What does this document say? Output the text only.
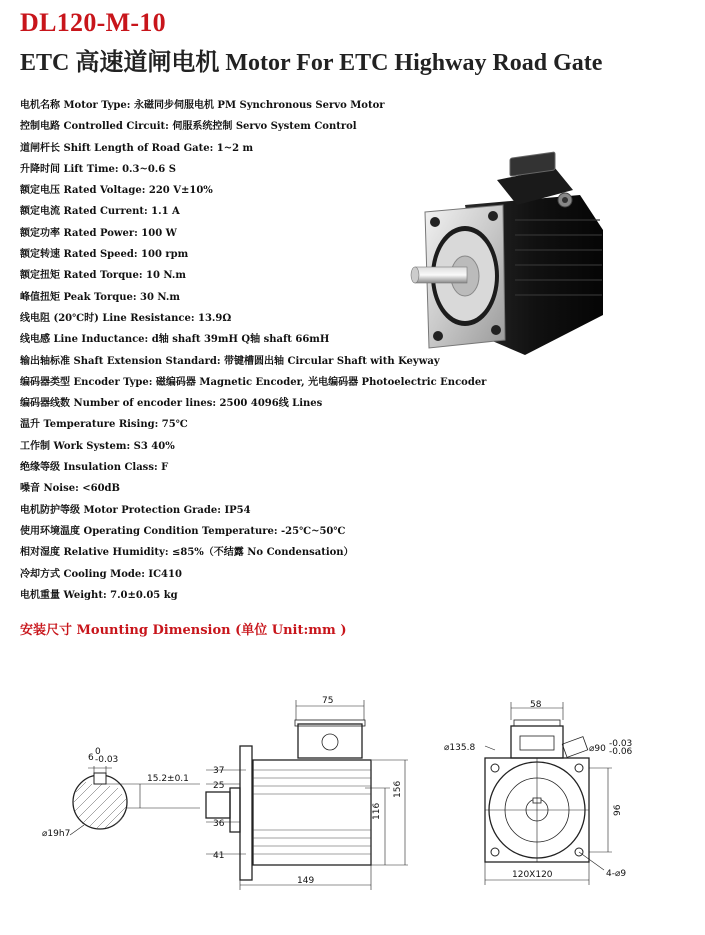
DL120-M-10
ETC 高速道闸电机 Motor For ETC Highway Road Gate
电机名称 Motor Type: 永磁同步伺服电机 PM Synchronous Servo Motor
控制电路 Controlled Circuit: 伺服系统控制 Servo System Control
道闸杆长 Shift Length of Road Gate: 1~2 m
升降时间 Lift Time: 0.3~0.6 S
额定电压 Rated Voltage: 220 V±10%
额定电流 Rated Current: 1.1 A
额定功率 Rated Power: 100 W
额定转速 Rated Speed: 100 rpm
额定扭矩 Rated Torque: 10 N.m
峰值扭矩 Peak Torque: 30 N.m
线电阻 (20℃时) Line Resistance: 13.9Ω
线电感 Line Inductance: d轴 shaft 39mH Q轴 shaft 66mH
输出轴标准 Shaft Extension Standard: 带键槽圆出轴 Circular Shaft with Keyway
编码器类型 Encoder Type: 磁编码器 Magnetic Encoder, 光电编码器 Photoelectric Encoder
编码器线数 Number of encoder lines: 2500 4096线 Lines
温升 Temperature Rising: 75℃
工作制 Work System: S3 40%
绝缘等级 Insulation Class: F
噪音 Noise: <60dB
电机防护等级 Motor Protection Grade: IP54
使用环境温度 Operating Condition Temperature: -25℃~50℃
相对湿度 Relative Humidity: ≤85%（不结露 No Condensation）
冷却方式 Cooling Mode: IC410
电机重量 Weight: 7.0±0.05 kg
安装尺寸 Mounting Dimension (单位 Unit:mm )
6
0
-0.03
15.2±0.1
⌀19h7
75
37
25
36
41
116
156
149
58
⌀135.8	⌀90 -0.03
-0.06
96
120X120	4-⌀9
